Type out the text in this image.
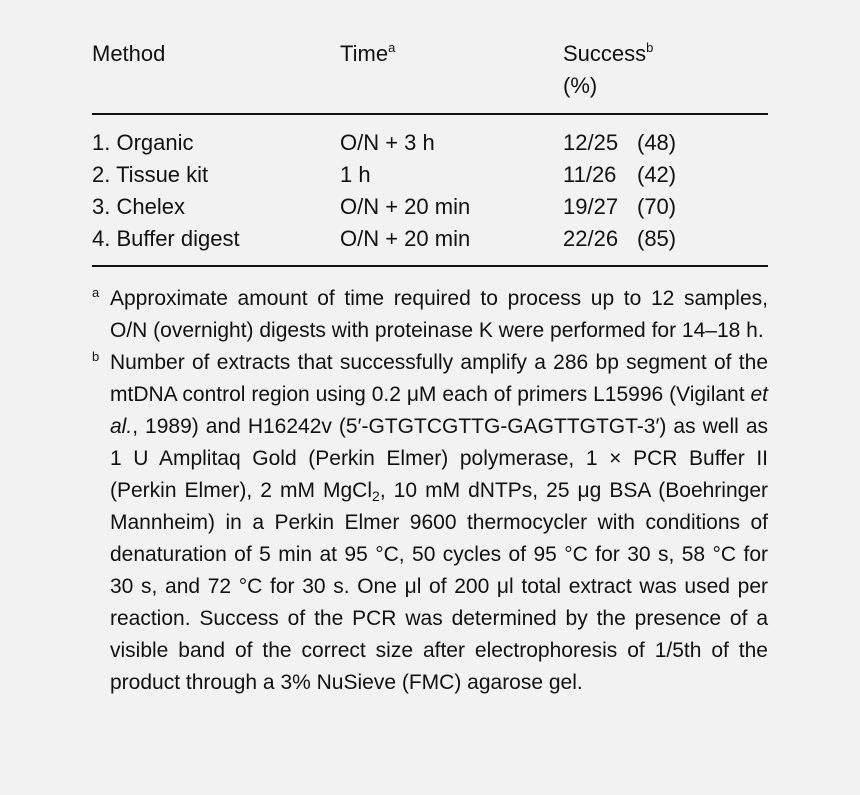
Method	Time$^a$	Success$^b$
(%)
1. Organic	O/N + 3 h	12/25 (48)
2. Tissue kit	1 h	11/26 (42)
3. Chelex	O/N + 20 min	19/27 (70)
4. Buffer digest	O/N + 20 min	22/26 (85)
a Approximate amount of time required to process up to 12 samples, O/N (overnight) digests with proteinase K were performed for 14–18 h.
b Number of extracts that successfully amplify a 286 bp segment of the mtDNA control region using 0.2 μM each of primers L15996 (Vigilant et al., 1989) and H16242v (5′-GTGTCGTTG-GAGTTGTGT-3′) as well as 1 U Amplitaq Gold (Perkin Elmer) polymerase, 1 × PCR Buffer II (Perkin Elmer), 2 mM MgCl$_2$, 10 mM dNTPs, 25 μg BSA (Boehringer Mannheim) in a Perkin Elmer 9600 thermocycler with conditions of denaturation of 5 min at 95 °C, 50 cycles of 95 °C for 30 s, 58 °C for 30 s, and 72 °C for 30 s. One μl of 200 μl total extract was used per reaction. Success of the PCR was determined by the presence of a visible band of the correct size after electrophoresis of 1/5th of the product through a 3% NuSieve (FMC) agarose gel.
